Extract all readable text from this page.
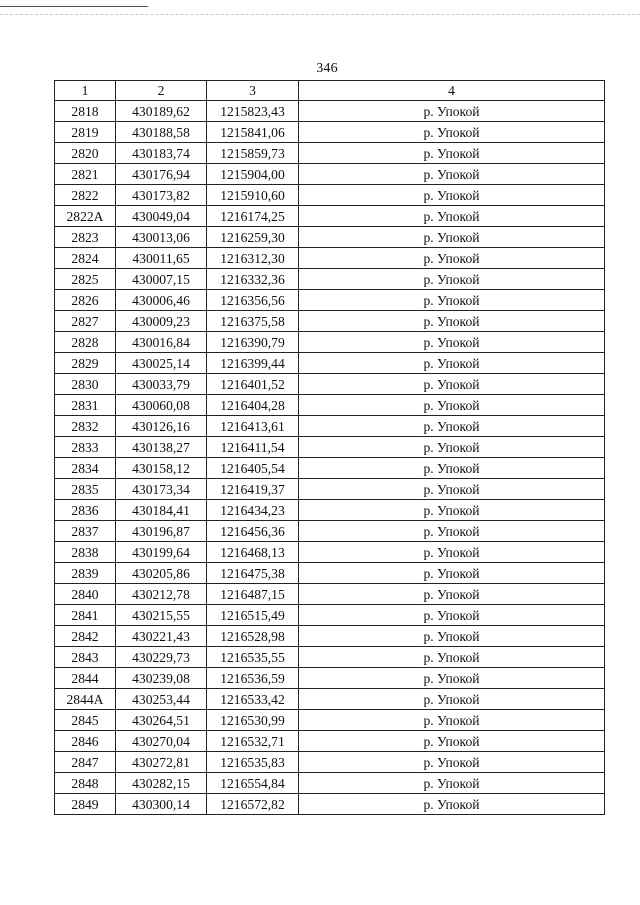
346
1	2	3	4
2818	430189,62	1215823,43	р. Упокой
2819	430188,58	1215841,06	р. Упокой
2820	430183,74	1215859,73	р. Упокой
2821	430176,94	1215904,00	р. Упокой
2822	430173,82	1215910,60	р. Упокой
2822А	430049,04	1216174,25	р. Упокой
2823	430013,06	1216259,30	р. Упокой
2824	430011,65	1216312,30	р. Упокой
2825	430007,15	1216332,36	р. Упокой
2826	430006,46	1216356,56	р. Упокой
2827	430009,23	1216375,58	р. Упокой
2828	430016,84	1216390,79	р. Упокой
2829	430025,14	1216399,44	р. Упокой
2830	430033,79	1216401,52	р. Упокой
2831	430060,08	1216404,28	р. Упокой
2832	430126,16	1216413,61	р. Упокой
2833	430138,27	1216411,54	р. Упокой
2834	430158,12	1216405,54	р. Упокой
2835	430173,34	1216419,37	р. Упокой
2836	430184,41	1216434,23	р. Упокой
2837	430196,87	1216456,36	р. Упокой
2838	430199,64	1216468,13	р. Упокой
2839	430205,86	1216475,38	р. Упокой
2840	430212,78	1216487,15	р. Упокой
2841	430215,55	1216515,49	р. Упокой
2842	430221,43	1216528,98	р. Упокой
2843	430229,73	1216535,55	р. Упокой
2844	430239,08	1216536,59	р. Упокой
2844А	430253,44	1216533,42	р. Упокой
2845	430264,51	1216530,99	р. Упокой
2846	430270,04	1216532,71	р. Упокой
2847	430272,81	1216535,83	р. Упокой
2848	430282,15	1216554,84	р. Упокой
2849	430300,14	1216572,82	р. Упокой
